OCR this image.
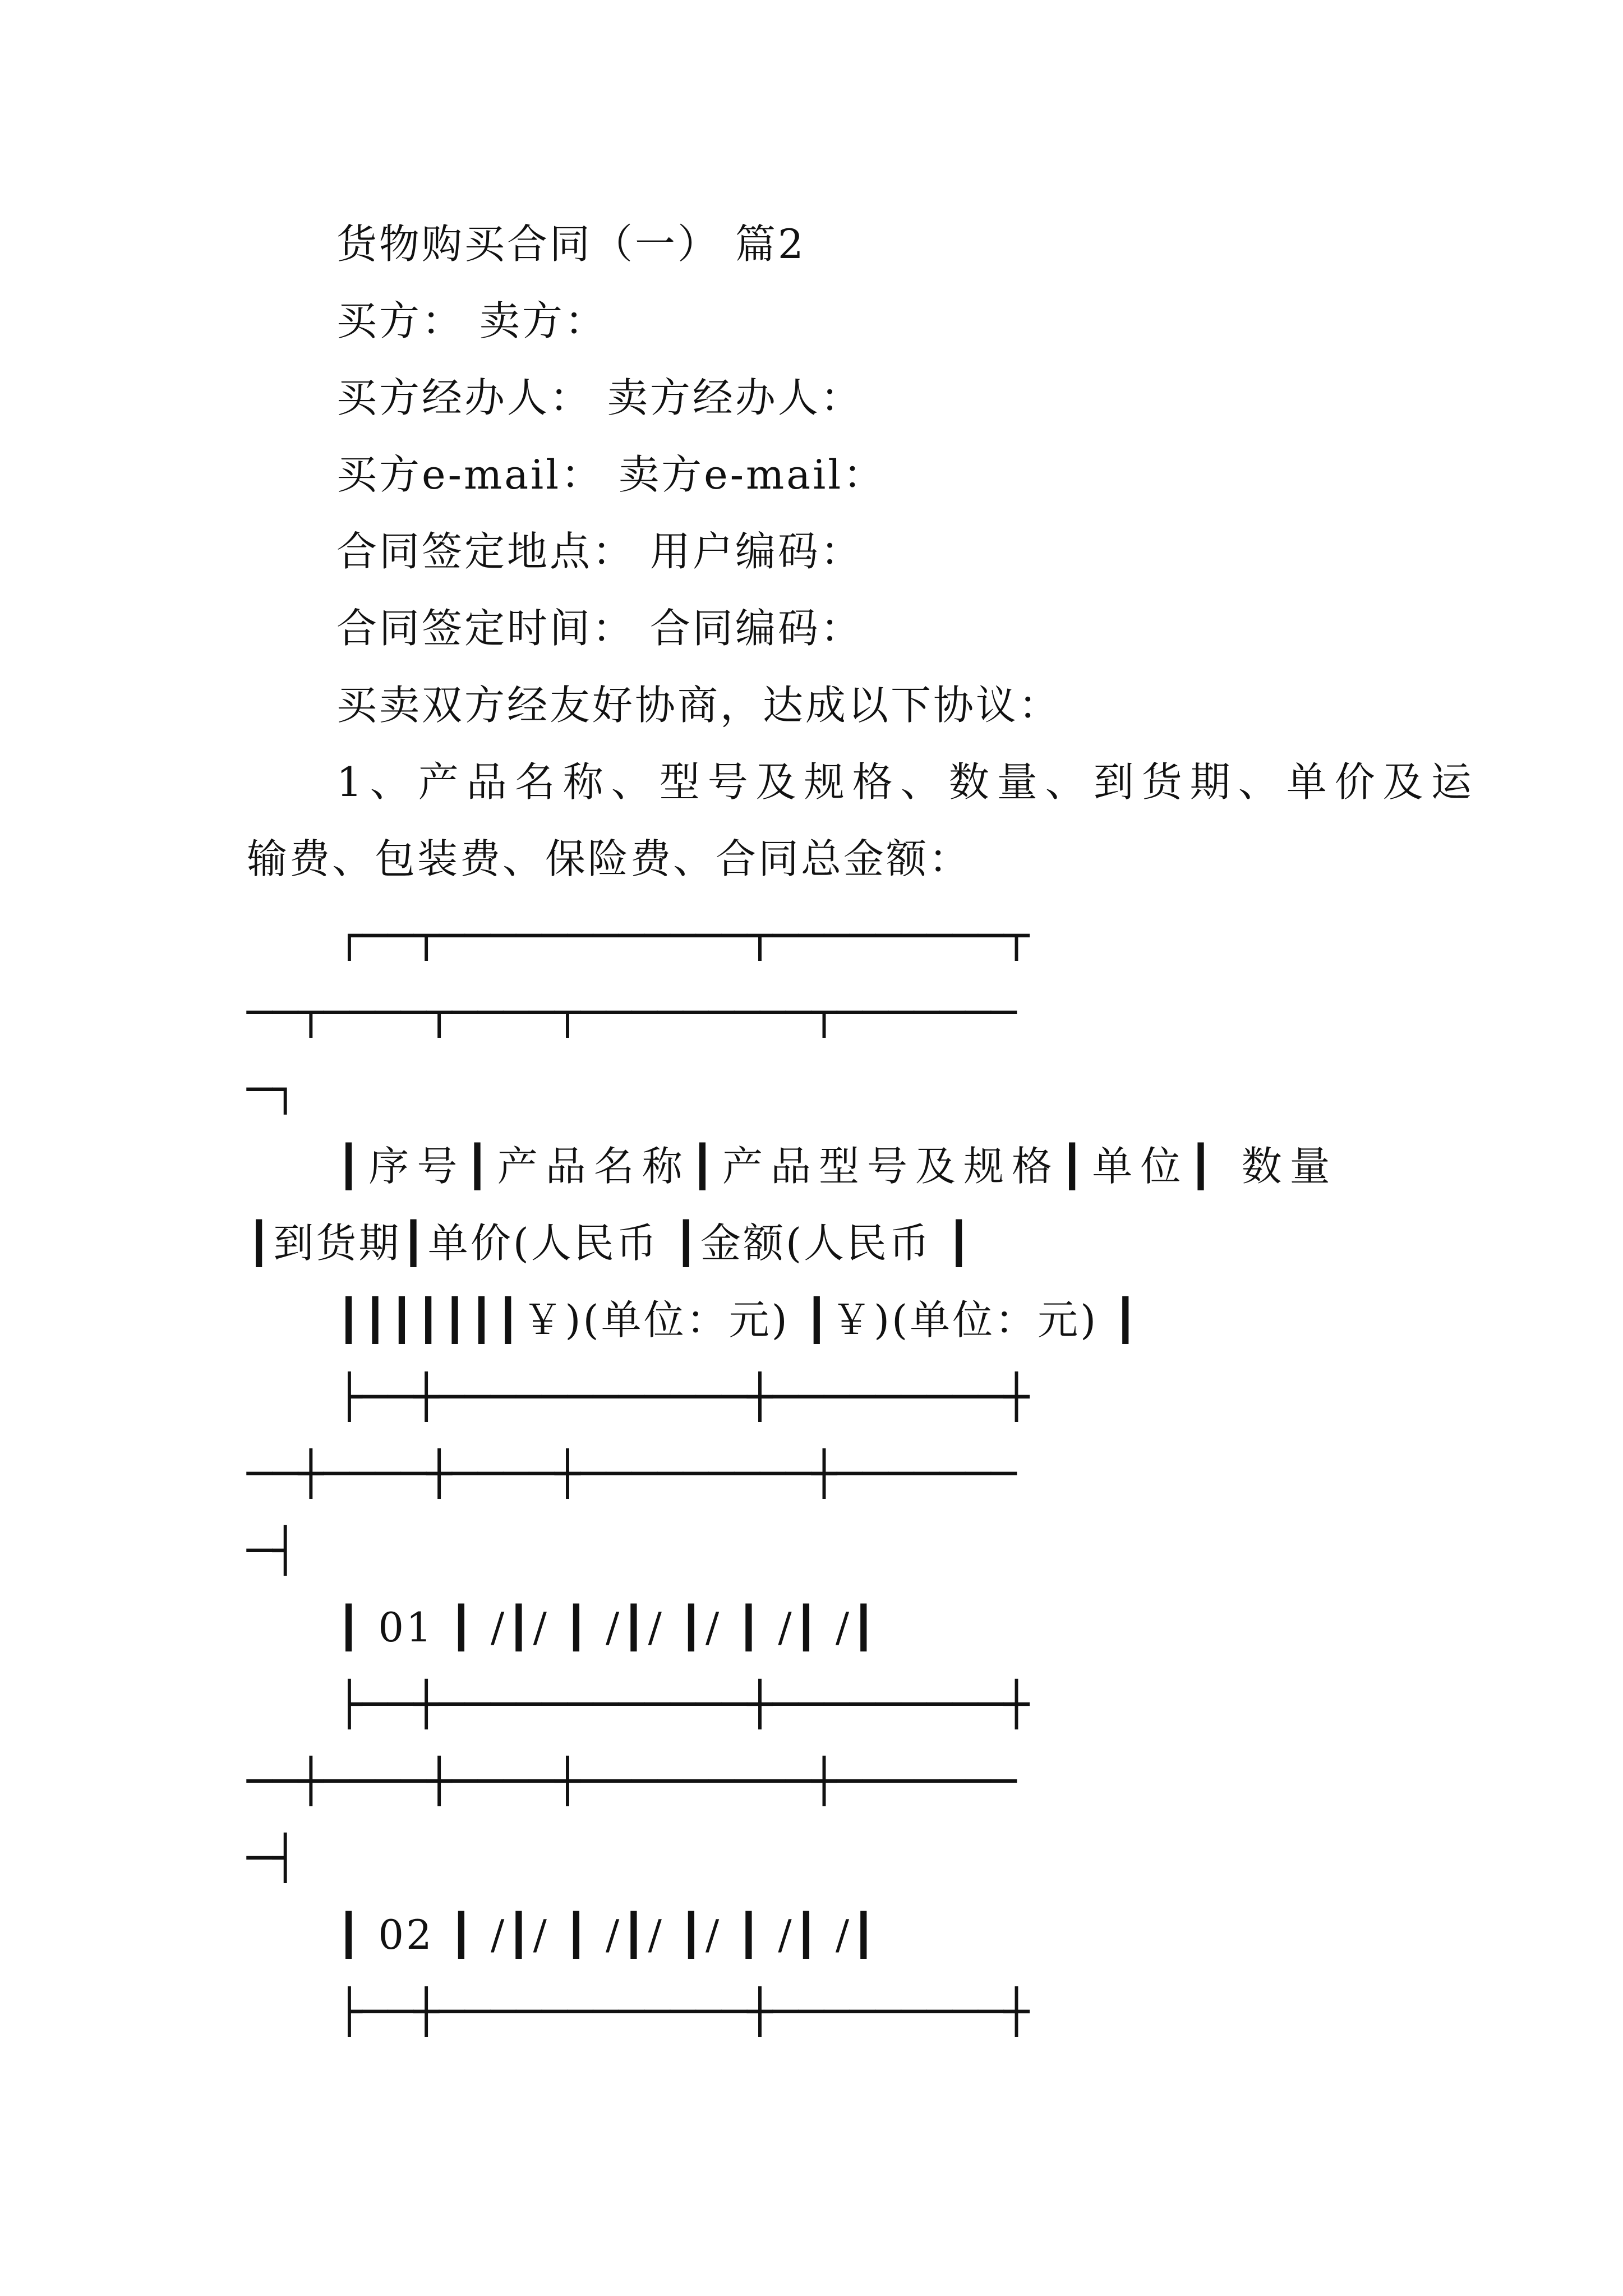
货物购买合同（一） 篇2
买方： 卖方：
买方经办人： 卖方经办人：
买方e-mail： 卖方e-mail：
合同签定地点： 用户编码：
合同签定时间： 合同编码：
买卖双方经友好协商，达成以下协议：
1、产品名称、型号及规格、数量、到货期、单价及运
输费、包装费、保险费、合同总金额：
┌──┬────────────┬─────────┬
──┬────┬────┬─────────┬───────
─┐
┃序号┃产品名称┃产品型号及规格┃单位┃ 数量
┃到货期┃单价(人民币 ┃金额(人民币 ┃
┃┃┃┃┃┃┃￥)(单位：元) ┃￥)(单位：元) ┃
├──┼────────────┼─────────┼
──┼────┼────┼─────────┼───────
─┤
┃ 01 ┃ /┃/ ┃ /┃/ ┃/ ┃ /┃ /┃
├──┼────────────┼─────────┼
──┼────┼────┼─────────┼───────
─┤
┃ 02 ┃ /┃/ ┃ /┃/ ┃/ ┃ /┃ /┃
├──┼────────────┼─────────┼
